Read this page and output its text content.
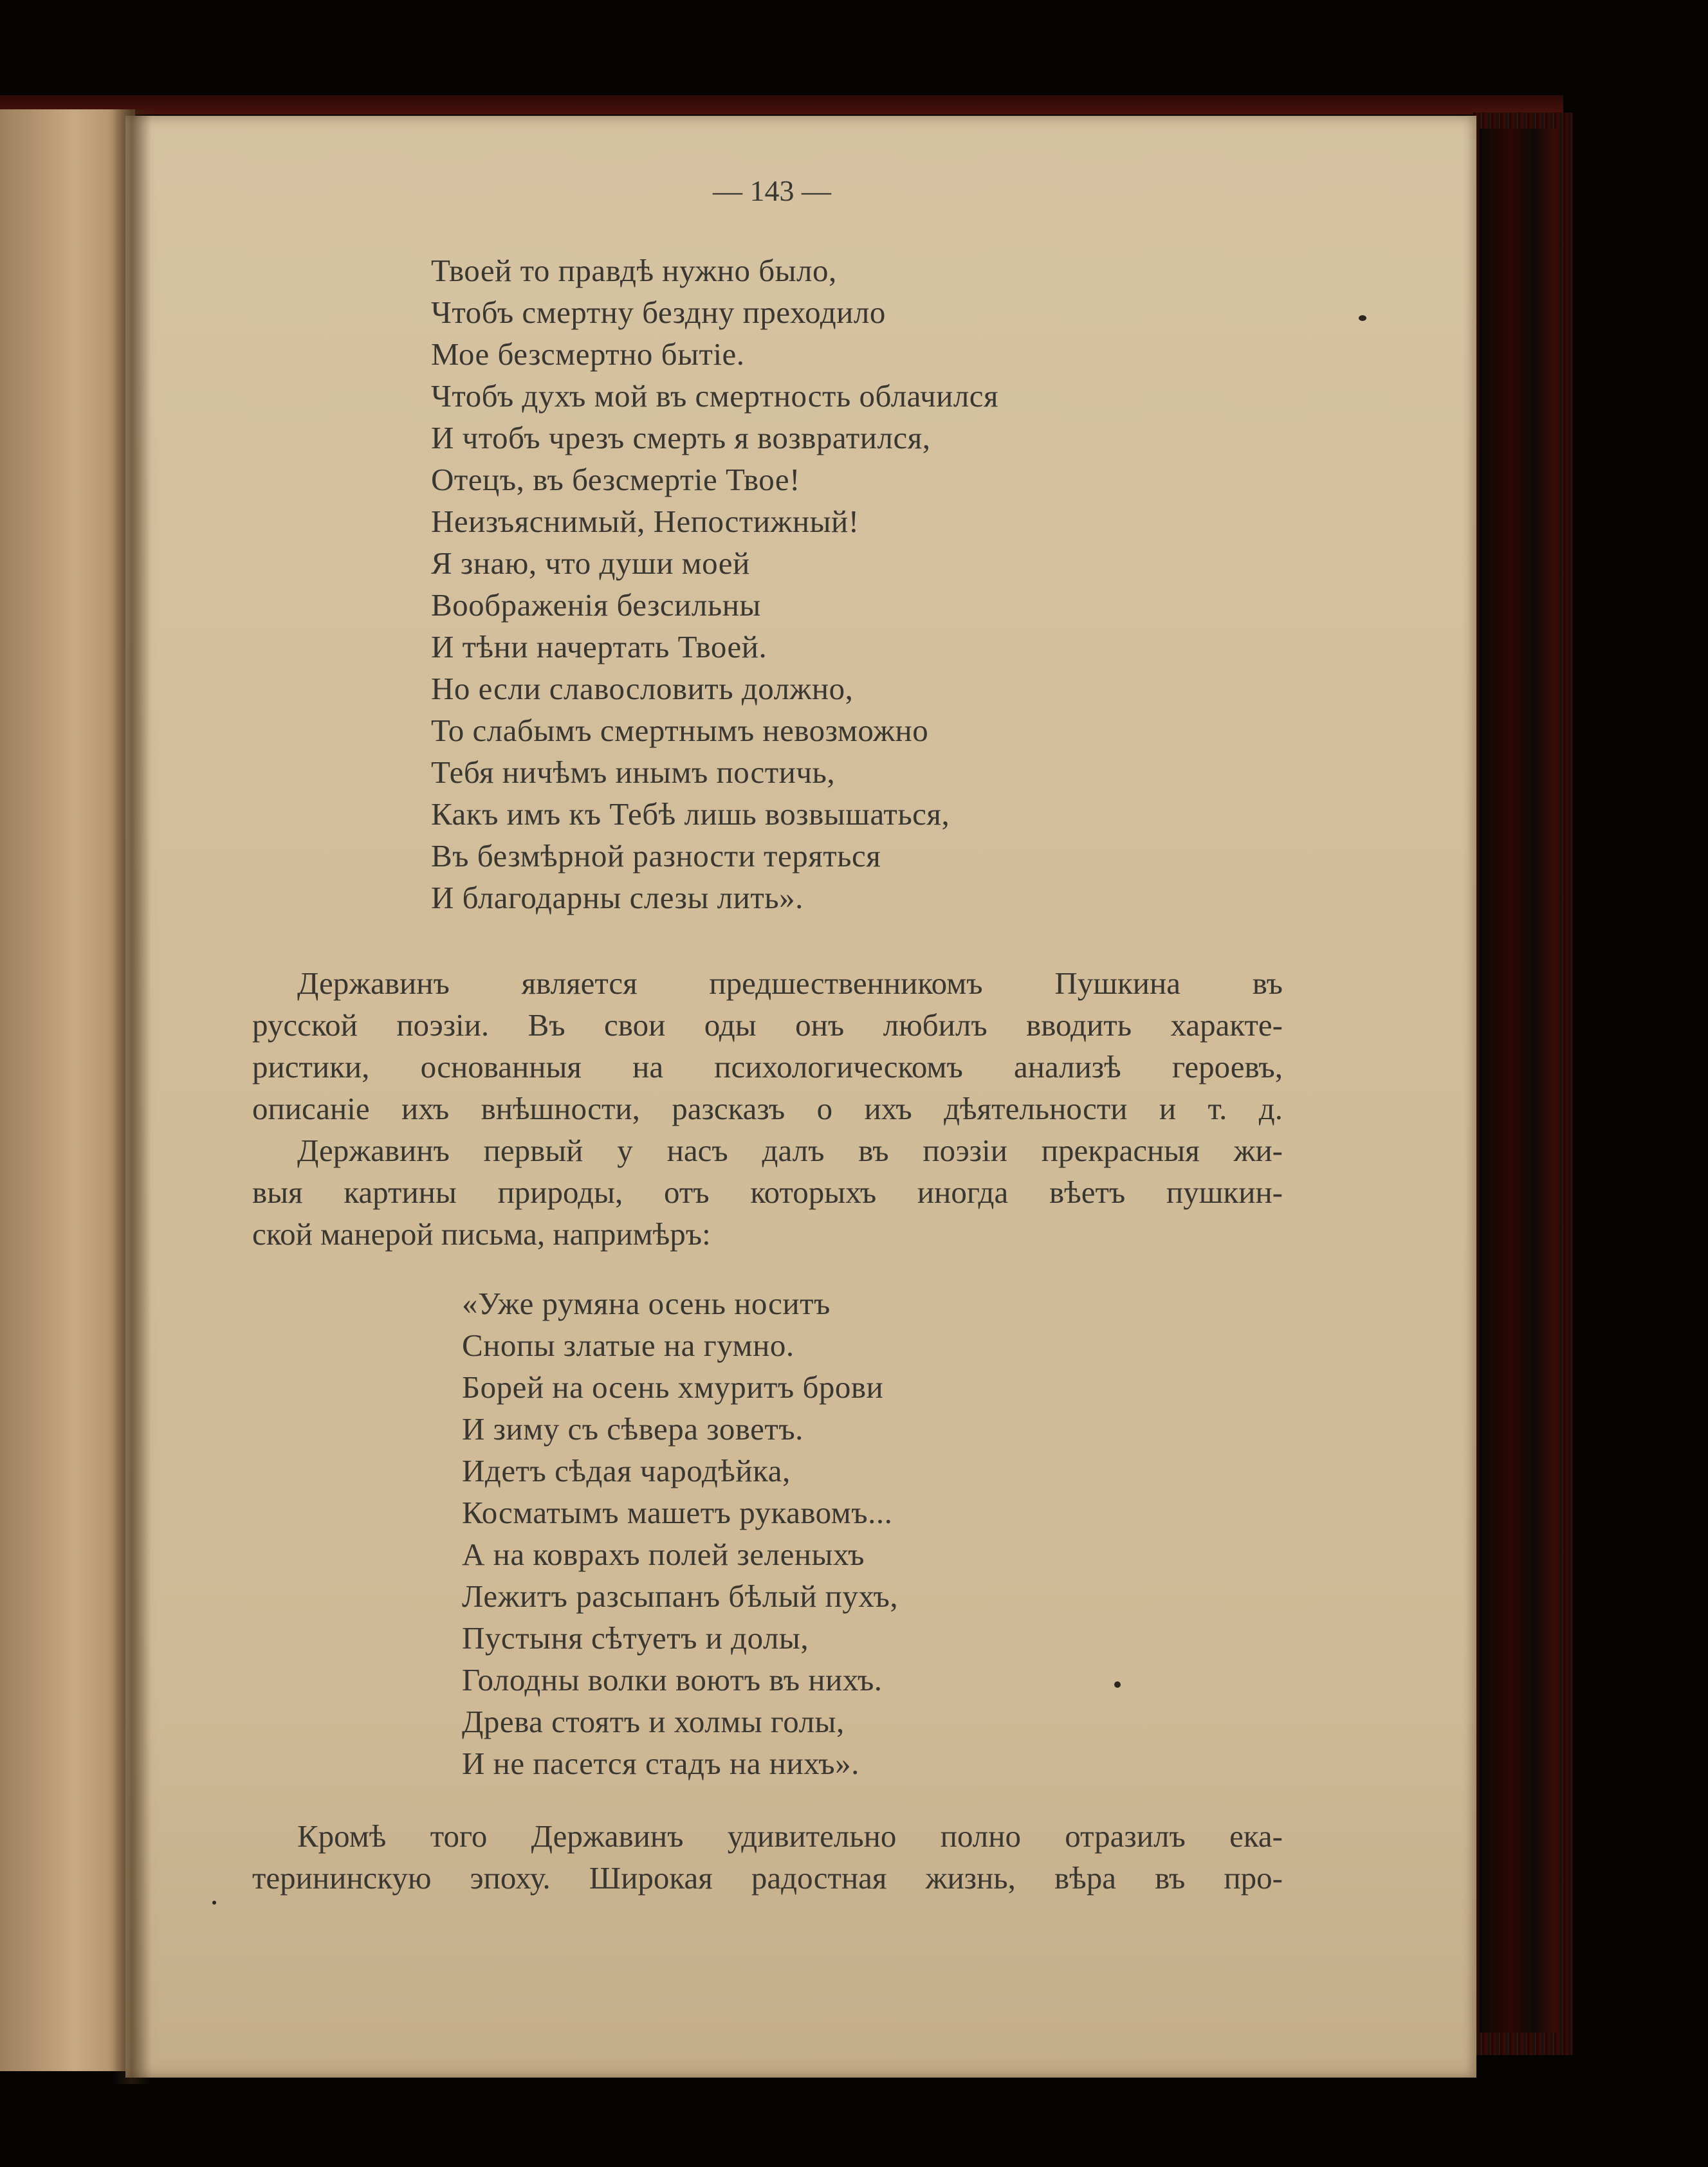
— 143 —
Твоей то правдѣ нужно было,
Чтобъ смертну бездну преходило
Мое безсмертно бытіе.
Чтобъ духъ мой въ смертность облачился
И чтобъ чрезъ смерть я возвратился,
Отецъ, въ безсмертіе Твое!
Неизъяснимый, Непостижный!
Я знаю, что души моей
Воображенія безсильны
И тѣни начертать Твоей.
Но если славословить должно,
То слабымъ смертнымъ невозможно
Тебя ничѣмъ инымъ постичь,
Какъ имъ къ Тебѣ лишь возвышаться,
Въ безмѣрной разности теряться
И благодарны слезы лить».
Державинъ является предшественникомъ Пушкина въ
русской поэзіи. Въ свои оды онъ любилъ вводить характе-
ристики, основанныя на психологическомъ анализѣ героевъ,
описаніе ихъ внѣшности, разсказъ о ихъ дѣятельности и т. д.
Державинъ первый у насъ далъ въ поэзіи прекрасныя жи-
выя картины природы, отъ которыхъ иногда вѣетъ пушкин-
ской манерой письма, напримѣръ:
«Уже румяна осень носитъ
Снопы златые на гумно.
Борей на осень хмуритъ брови
И зиму съ сѣвера зоветъ.
Идетъ сѣдая чародѣйка,
Косматымъ машетъ рукавомъ...
А на коврахъ полей зеленыхъ
Лежитъ разсыпанъ бѣлый пухъ,
Пустыня сѣтуетъ и долы,
Голодны волки воютъ въ нихъ.
Древа стоятъ и холмы голы,
И не пасется стадъ на нихъ».
Кромѣ того Державинъ удивительно полно отразилъ ека-
терининскую эпоху. Широкая радостная жизнь, вѣра въ про-
